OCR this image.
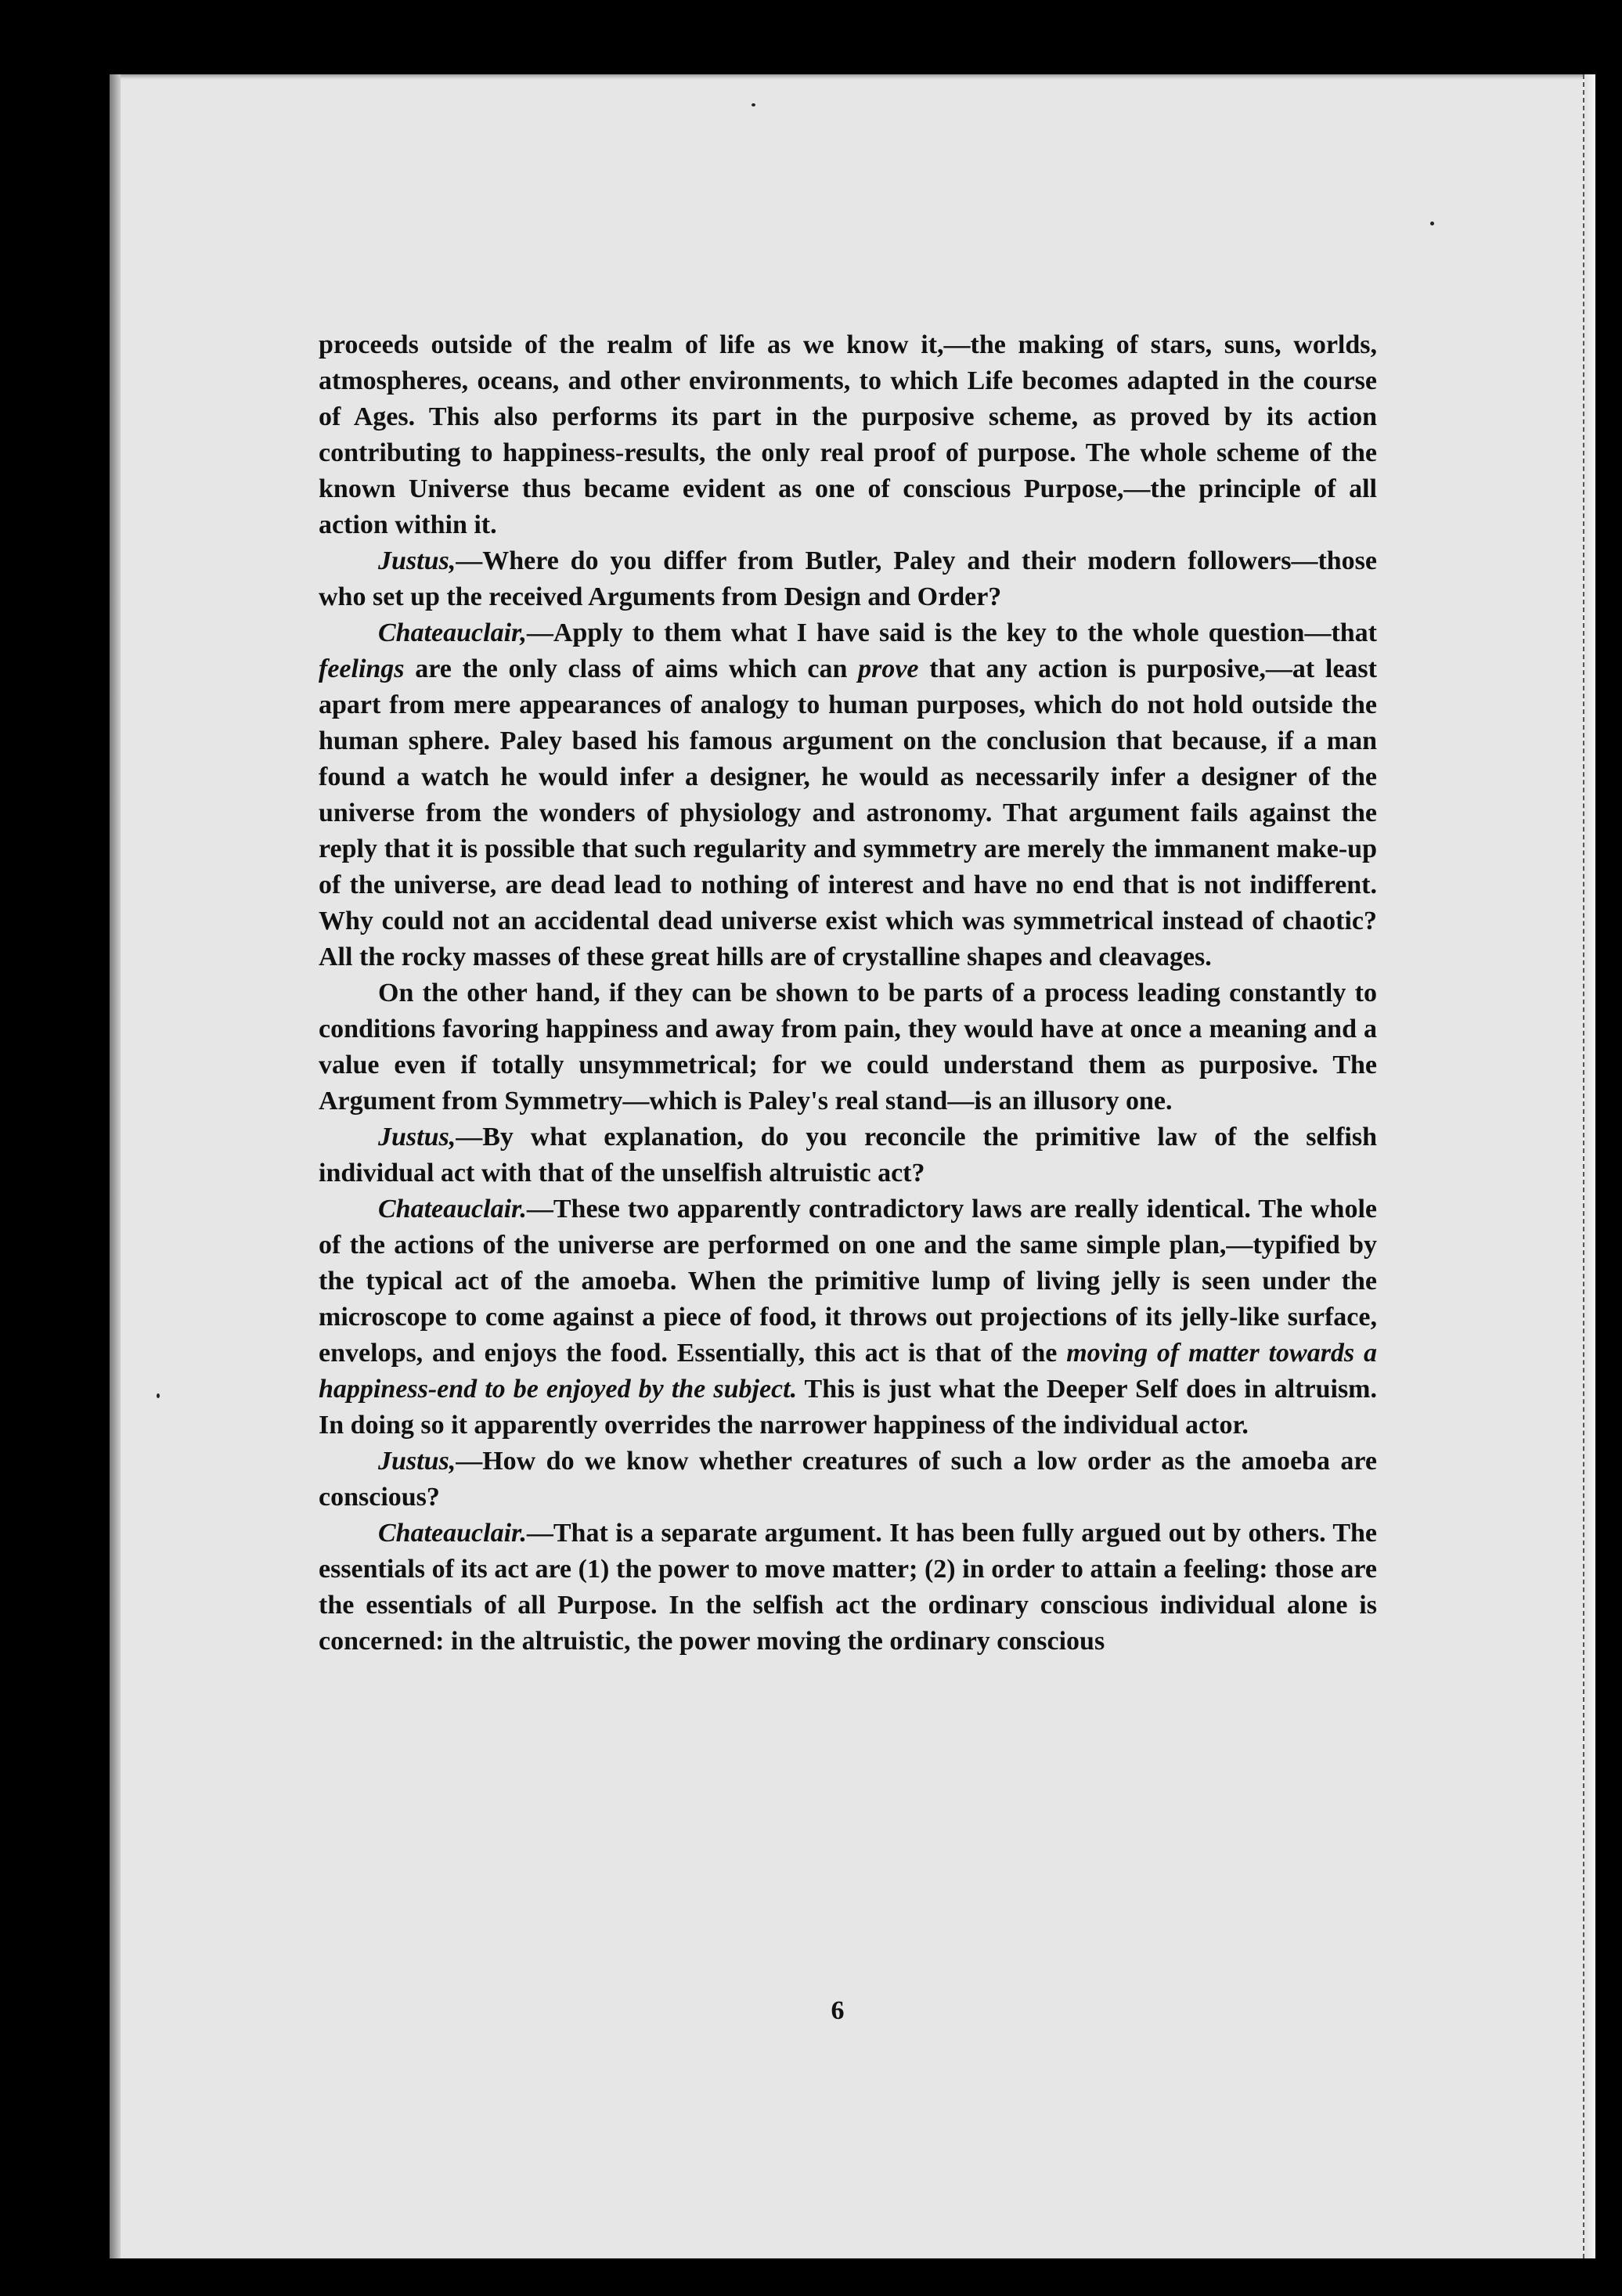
proceeds outside of the realm of life as we know it,—the making of stars, suns, worlds, atmospheres, oceans, and other environments, to which Life becomes adapted in the course of Ages. This also performs its part in the purposive scheme, as proved by its action contributing to happiness-results, the only real proof of purpose. The whole scheme of the known Universe thus became evident as one of conscious Purpose,—the principle of all action within it.

Justus,—Where do you differ from Butler, Paley and their modern followers—those who set up the received Arguments from Design and Order?

Chateauclair,—Apply to them what I have said is the key to the whole question—that feelings are the only class of aims which can prove that any action is purposive,—at least apart from mere appearances of analogy to human purposes, which do not hold outside the human sphere. Paley based his famous argument on the conclusion that because, if a man found a watch he would infer a designer, he would as necessarily infer a designer of the universe from the wonders of physiology and astronomy. That argument fails against the reply that it is possible that such regularity and symmetry are merely the immanent make-up of the universe, are dead lead to nothing of interest and have no end that is not indifferent. Why could not an accidental dead universe exist which was symmetrical instead of chaotic? All the rocky masses of these great hills are of crystalline shapes and cleavages.

On the other hand, if they can be shown to be parts of a process leading constantly to conditions favoring happiness and away from pain, they would have at once a meaning and a value even if totally unsymmetrical; for we could understand them as purposive. The Argument from Symmetry—which is Paley's real stand—is an illusory one.

Justus,—By what explanation, do you reconcile the primitive law of the selfish individual act with that of the unselfish altruistic act?

Chateauclair.—These two apparently contradictory laws are really identical. The whole of the actions of the universe are performed on one and the same simple plan,—typified by the typical act of the amoeba. When the primitive lump of living jelly is seen under the microscope to come against a piece of food, it throws out projections of its jelly-like surface, envelops, and enjoys the food. Essentially, this act is that of the moving of matter towards a happiness-end to be enjoyed by the subject. This is just what the Deeper Self does in altruism. In doing so it apparently overrides the narrower happiness of the individual actor.

Justus,—How do we know whether creatures of such a low order as the amoeba are conscious?

Chateauclair.—That is a separate argument. It has been fully argued out by others. The essentials of its act are (1) the power to move matter; (2) in order to attain a feeling: those are the essentials of all Purpose. In the selfish act the ordinary conscious individual alone is concerned: in the altruistic, the power moving the ordinary conscious

6
